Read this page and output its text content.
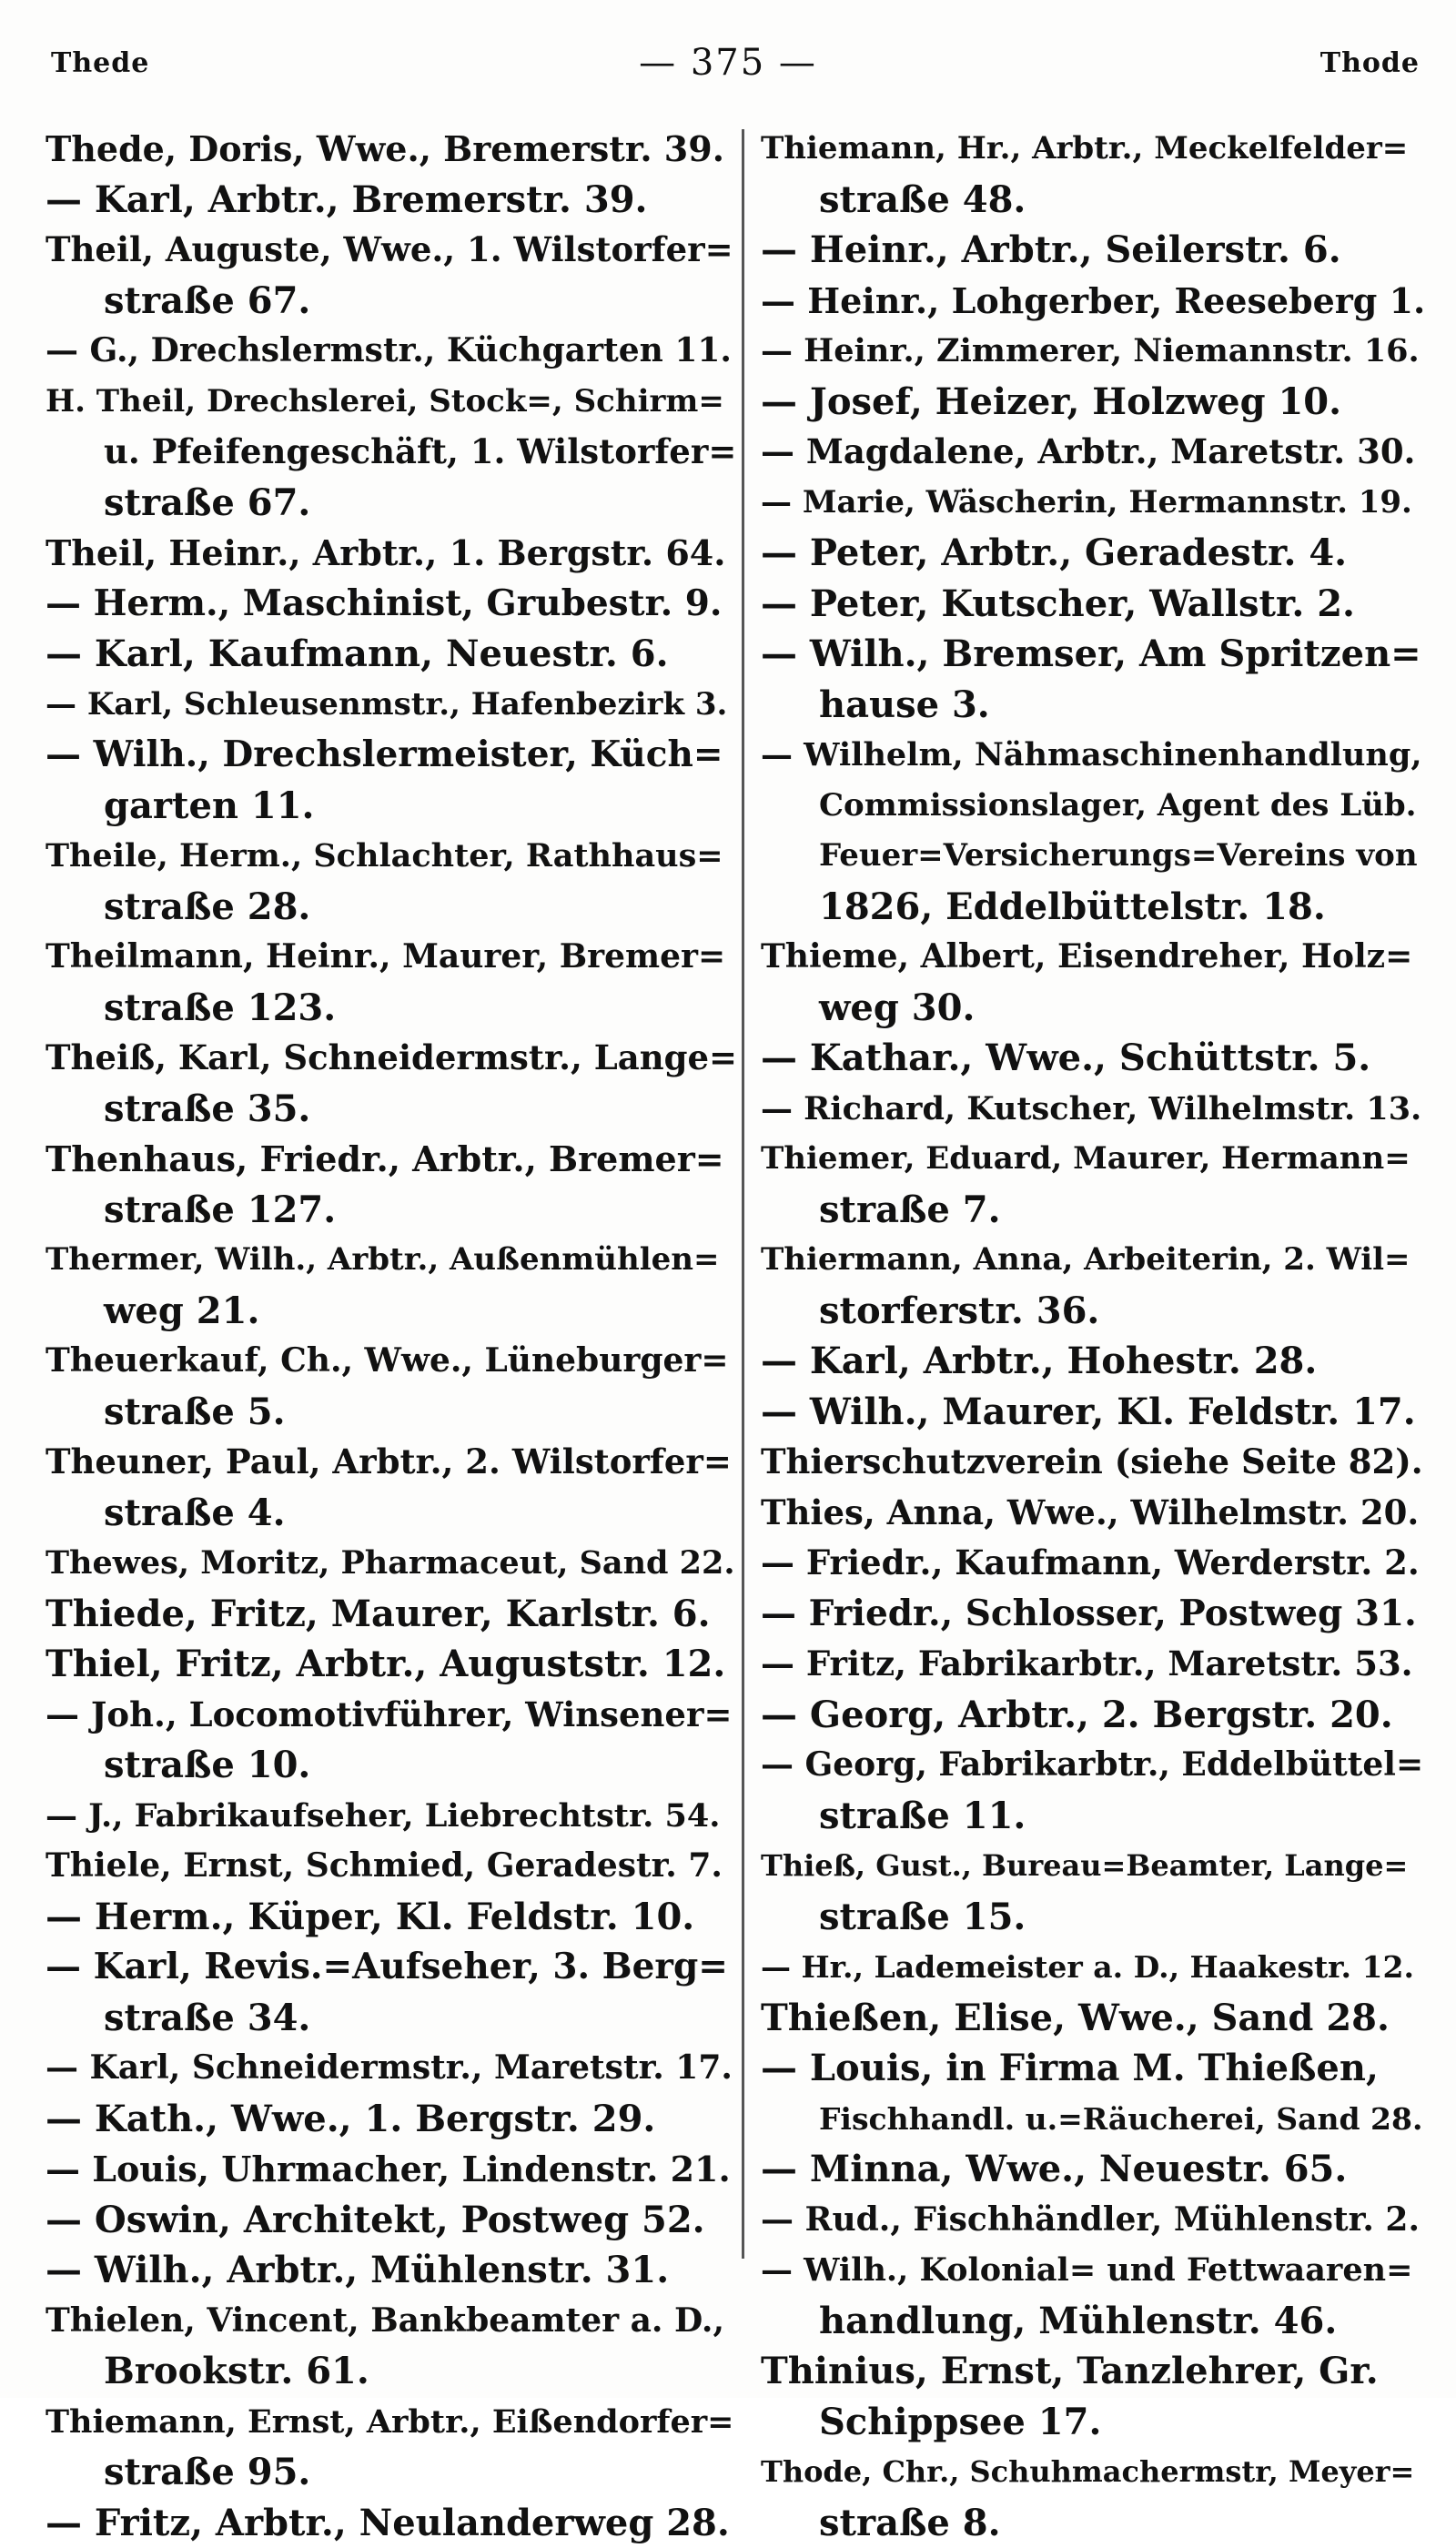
Thede	— 375 —	Thode
Thede, Doris, Wwe., Bremerstr. 39.
— Karl, Arbtr., Bremerstr. 39.
Theil, Auguste, Wwe., 1. Wilstorfer=
straße 67.
— G., Drechslermstr., Küchgarten 11.
H. Theil, Drechslerei, Stock=, Schirm=
u. Pfeifengeschäft, 1. Wilstorfer=
straße 67.
Theil, Heinr., Arbtr., 1. Bergstr. 64.
— Herm., Maschinist, Grubestr. 9.
— Karl, Kaufmann, Neuestr. 6.
— Karl, Schleusenmstr., Hafenbezirk 3.
— Wilh., Drechslermeister, Küch=
garten 11.
Theile, Herm., Schlachter, Rathhaus=
straße 28.
Theilmann, Heinr., Maurer, Bremer=
straße 123.
Theiß, Karl, Schneidermstr., Lange=
straße 35.
Thenhaus, Friedr., Arbtr., Bremer=
straße 127.
Thermer, Wilh., Arbtr., Außenmühlen=
weg 21.
Theuerkauf, Ch., Wwe., Lüneburger=
straße 5.
Theuner, Paul, Arbtr., 2. Wilstorfer=
straße 4.
Thewes, Moritz, Pharmaceut, Sand 22.
Thiede, Fritz, Maurer, Karlstr. 6.
Thiel, Fritz, Arbtr., Auguststr. 12.
— Joh., Locomotivführer, Winsener=
straße 10.
— J., Fabrikaufseher, Liebrechtstr. 54.
Thiele, Ernst, Schmied, Geradestr. 7.
— Herm., Küper, Kl. Feldstr. 10.
— Karl, Revis.=Aufseher, 3. Berg=
straße 34.
— Karl, Schneidermstr., Maretstr. 17.
— Kath., Wwe., 1. Bergstr. 29.
— Louis, Uhrmacher, Lindenstr. 21.
— Oswin, Architekt, Postweg 52.
— Wilh., Arbtr., Mühlenstr. 31.
Thielen, Vincent, Bankbeamter a. D.,
Brookstr. 61.
Thiemann, Ernst, Arbtr., Eißendorfer=
straße 95.
— Fritz, Arbtr., Neulanderweg 28.
Thiemann, Hr., Arbtr., Meckelfelder=
straße 48.
— Heinr., Arbtr., Seilerstr. 6.
— Heinr., Lohgerber, Reeseberg 1.
— Heinr., Zimmerer, Niemannstr. 16.
— Josef, Heizer, Holzweg 10.
— Magdalene, Arbtr., Maretstr. 30.
— Marie, Wäscherin, Hermannstr. 19.
— Peter, Arbtr., Geradestr. 4.
— Peter, Kutscher, Wallstr. 2.
— Wilh., Bremser, Am Spritzen=
hause 3.
— Wilhelm, Nähmaschinenhandlung,
Commissionslager, Agent des Lüb.
Feuer=Versicherungs=Vereins von
1826, Eddelbüttelstr. 18.
Thieme, Albert, Eisendreher, Holz=
weg 30.
— Kathar., Wwe., Schüttstr. 5.
— Richard, Kutscher, Wilhelmstr. 13.
Thiemer, Eduard, Maurer, Hermann=
straße 7.
Thiermann, Anna, Arbeiterin, 2. Wil=
storferstr. 36.
— Karl, Arbtr., Hohestr. 28.
— Wilh., Maurer, Kl. Feldstr. 17.
Thierschutzverein (siehe Seite 82).
Thies, Anna, Wwe., Wilhelmstr. 20.
— Friedr., Kaufmann, Werderstr. 2.
— Friedr., Schlosser, Postweg 31.
— Fritz, Fabrikarbtr., Maretstr. 53.
— Georg, Arbtr., 2. Bergstr. 20.
— Georg, Fabrikarbtr., Eddelbüttel=
straße 11.
Thieß, Gust., Bureau=Beamter, Lange=
straße 15.
— Hr., Lademeister a. D., Haakestr. 12.
Thießen, Elise, Wwe., Sand 28.
— Louis, in Firma M. Thießen,
Fischhandl. u.=Räucherei, Sand 28.
— Minna, Wwe., Neuestr. 65.
— Rud., Fischhändler, Mühlenstr. 2.
— Wilh., Kolonial= und Fettwaaren=
handlung, Mühlenstr. 46.
Thinius, Ernst, Tanzlehrer, Gr.
Schippsee 17.
Thode, Chr., Schuhmachermstr, Meyer=
straße 8.
